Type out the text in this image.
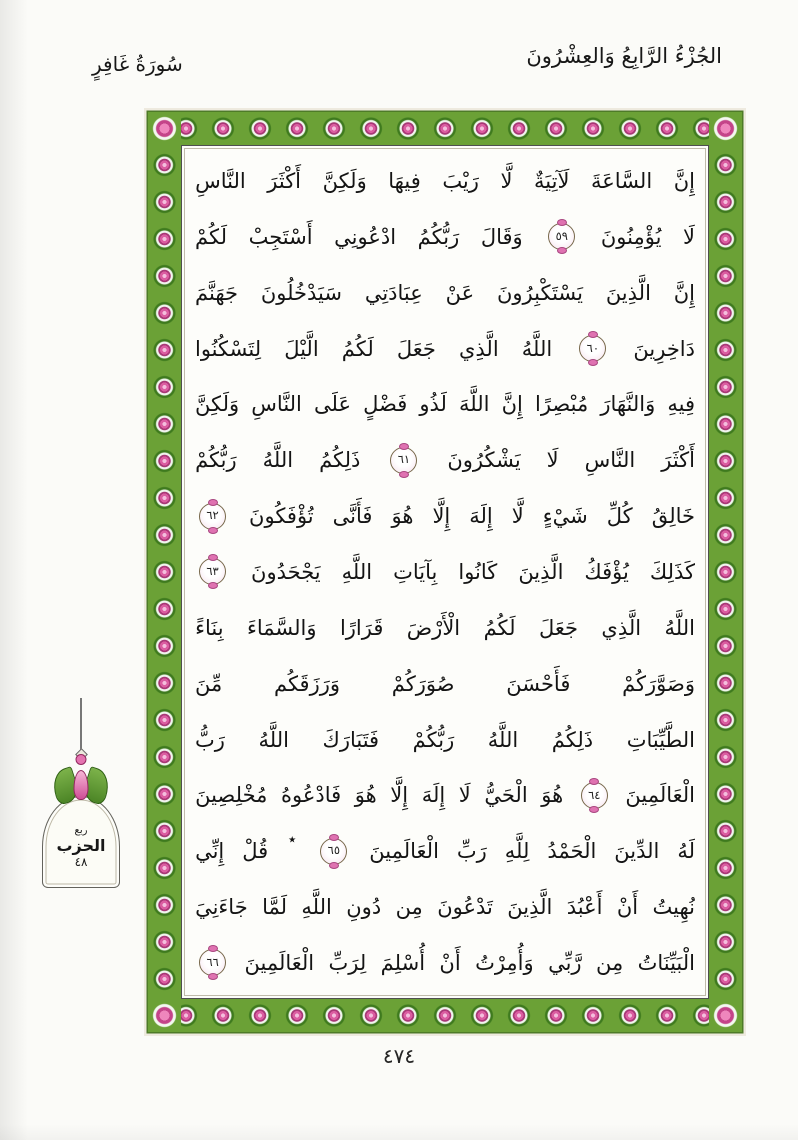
الجُزْءُ الرَّابِعُ وَالعِشْرُونَ
سُورَةُ غَافِرٍ
إِنَّ
السَّاعَةَ
لَآتِيَةٌ
لَّا
رَيْبَ
فِيهَا
وَلَكِنَّ
أَكْثَرَ
النَّاسِ
لَا
يُؤْمِنُونَ
٥٩
وَقَالَ
رَبُّكُمُ
ادْعُونِي
أَسْتَجِبْ
لَكُمْ
إِنَّ
الَّذِينَ
يَسْتَكْبِرُونَ
عَنْ
عِبَادَتِي
سَيَدْخُلُونَ
جَهَنَّمَ
دَاخِرِينَ
٦٠
اللَّهُ
الَّذِي
جَعَلَ
لَكُمُ
الَّيْلَ
لِتَسْكُنُوا
فِيهِ
وَالنَّهَارَ
مُبْصِرًا
إِنَّ
اللَّهَ
لَذُو
فَضْلٍ
عَلَى
النَّاسِ
وَلَكِنَّ
أَكْثَرَ
النَّاسِ
لَا
يَشْكُرُونَ
٦١
ذَلِكُمُ
اللَّهُ
رَبُّكُمْ
خَالِقُ
كُلِّ
شَيْءٍ
لَّا
إِلَهَ
إِلَّا
هُوَ
فَأَنَّى
تُؤْفَكُونَ
٦٢
كَذَلِكَ
يُؤْفَكُ
الَّذِينَ
كَانُوا
بِآيَاتِ
اللَّهِ
يَجْحَدُونَ
٦٣
اللَّهُ
الَّذِي
جَعَلَ
لَكُمُ
الْأَرْضَ
قَرَارًا
وَالسَّمَاءَ
بِنَاءً
وَصَوَّرَكُمْ
فَأَحْسَنَ
صُوَرَكُمْ
وَرَزَقَكُم
مِّنَ
الطَّيِّبَاتِ
ذَلِكُمُ
اللَّهُ
رَبُّكُمْ
فَتَبَارَكَ
اللَّهُ
رَبُّ
الْعَالَمِينَ
٦٤
هُوَ
الْحَيُّ
لَا
إِلَهَ
إِلَّا
هُوَ
فَادْعُوهُ
مُخْلِصِينَ
لَهُ
الدِّينَ
الْحَمْدُ
لِلَّهِ
رَبِّ
الْعَالَمِينَ
٦٥
٭
قُلْ
إِنِّي
نُهِيتُ
أَنْ
أَعْبُدَ
الَّذِينَ
تَدْعُونَ
مِن
دُونِ
اللَّهِ
لَمَّا
جَاءَنِيَ
الْبَيِّنَاتُ
مِن
رَّبِّي
وَأُمِرْتُ
أَنْ
أُسْلِمَ
لِرَبِّ
الْعَالَمِينَ
٦٦
ربع
الحزب
٤٨
٤٧٤
